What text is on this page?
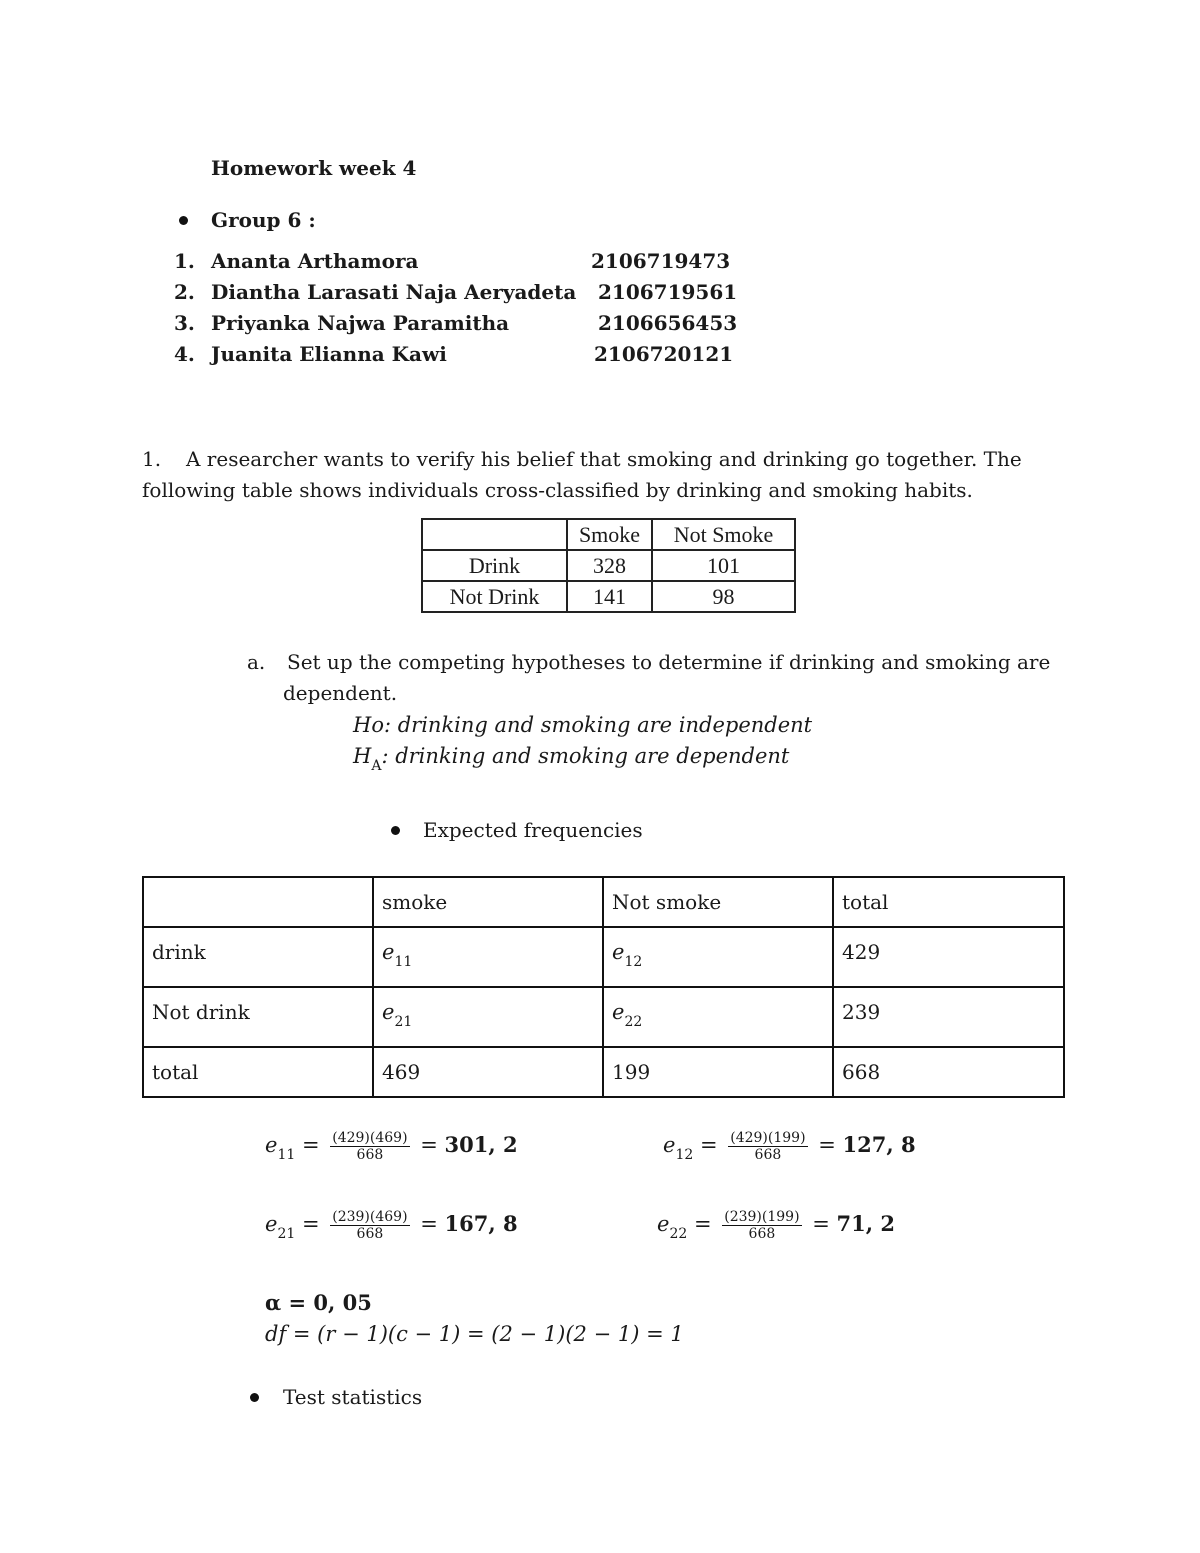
Homework week 4
Group 6 :
1. Ananta Arthamora	2106719473
2. Diantha Larasati Naja Aeryadeta 2106719561
3. Priyanka Najwa Paramitha	2106656453
4. Juanita Elianna Kawi	2106720121
1. A researcher wants to verify his belief that smoking and drinking go together. The
following table shows individuals cross-classified by drinking and smoking habits.
	Smoke	Not Smoke
Drink	328	101
Not Drink	141	98
a. Set up the competing hypotheses to determine if drinking and smoking are
dependent.
Ho: drinking and smoking are independent
$H_A$: drinking and smoking are dependent
Expected frequencies
	smoke	Not smoke	total
drink	$e_{11}$	$e_{12}$	429
Not drink	$e_{21}$	$e_{22}$	239
total	469	199	668
$e_{11} = \frac{(429)(469)}{668} = 301$, 2	$e_{12} = \frac{(429)(199)}{668} = 127$, 8
$e_{21} = \frac{(239)(469)}{668} = 167$, 8	$e_{22} = \frac{(239)(199)}{668} = 71$, 2
α = 0, 05
df = (r − 1)(c − 1) = (2 − 1)(2 − 1) = 1
Test statistics
